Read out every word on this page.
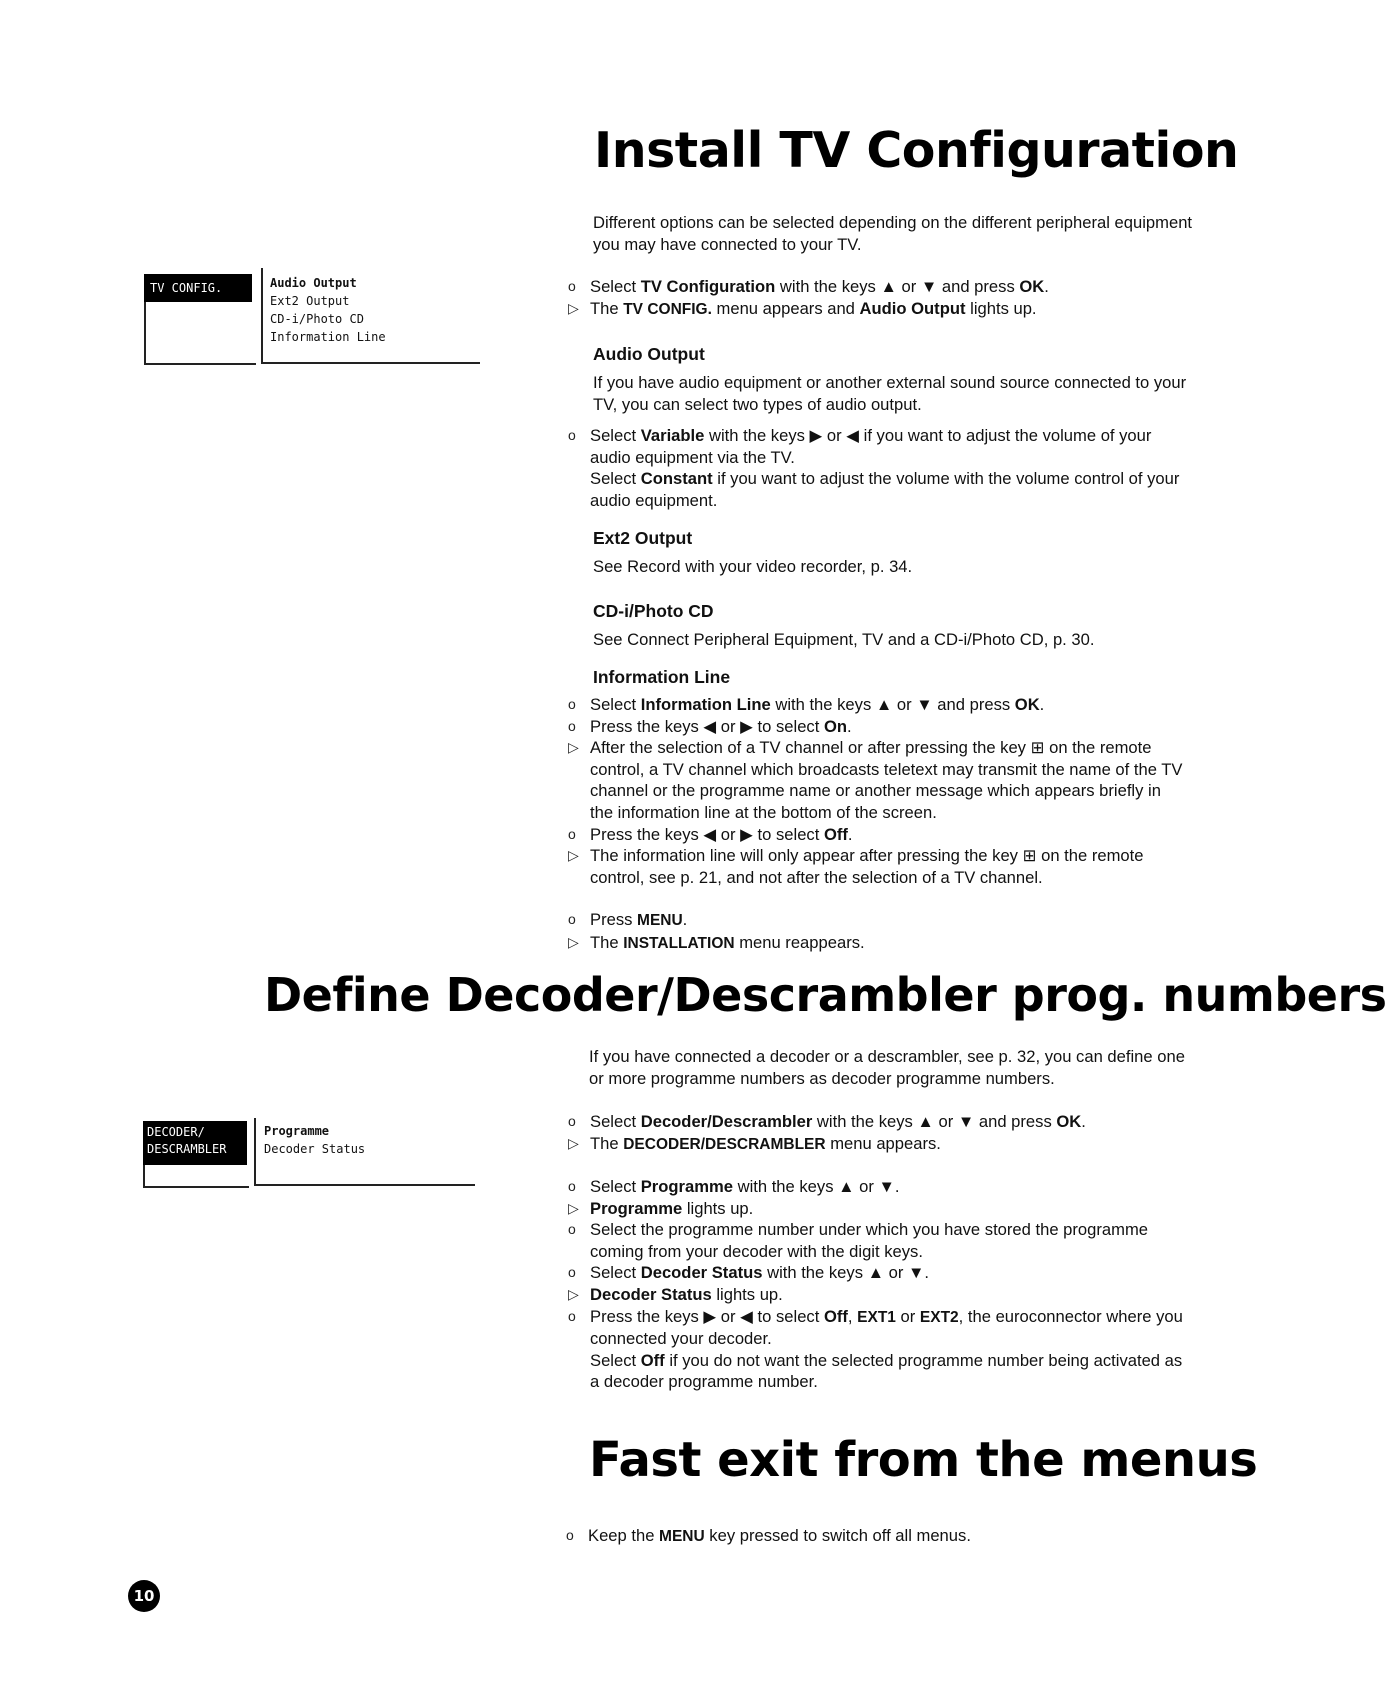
Install TV Configuration
Different options can be selected depending on the different peripheral equipment you may have connected to your TV.
TV CONFIG.	Audio Output
Ext2 Output
CD-i/Photo CD
Information Line
o Select TV Configuration with the keys ▲ or ▼ and press OK.
▷ The TV CONFIG. menu appears and Audio Output lights up.
Audio Output
If you have audio equipment or another external sound source connected to your TV, you can select two types of audio output.
o Select Variable with the keys ▶ or ◀ if you want to adjust the volume of your audio equipment via the TV.
Select Constant if you want to adjust the volume with the volume control of your audio equipment.
Ext2 Output
See Record with your video recorder, p. 34.
CD-i/Photo CD
See Connect Peripheral Equipment, TV and a CD-i/Photo CD, p. 30.
Information Line
o Select Information Line with the keys ▲ or ▼ and press OK.
o Press the keys ◀ or ▶ to select On.
▷ After the selection of a TV channel or after pressing the key ⊞ on the remote control, a TV channel which broadcasts teletext may transmit the name of the TV channel or the programme name or another message which appears briefly in the information line at the bottom of the screen.
o Press the keys ◀ or ▶ to select Off.
▷ The information line will only appear after pressing the key ⊞ on the remote control, see p. 21, and not after the selection of a TV channel.
o Press MENU.
▷ The INSTALLATION menu reappears.
Define Decoder/Descrambler prog. numbers
If you have connected a decoder or a descrambler, see p. 32, you can define one or more programme numbers as decoder programme numbers.
DECODER/
DESCRAMBLER
Programme
Decoder Status
o Select Decoder/Descrambler with the keys ▲ or ▼ and press OK.
▷ The DECODER/DESCRAMBLER menu appears.
o Select Programme with the keys ▲ or ▼.
▷ Programme lights up.
o Select the programme number under which you have stored the programme coming from your decoder with the digit keys.
o Select Decoder Status with the keys ▲ or ▼.
▷ Decoder Status lights up.
o Press the keys ▶ or ◀ to select Off, EXT1 or EXT2, the euroconnector where you connected your decoder.
Select Off if you do not want the selected programme number being activated as a decoder programme number.
Fast exit from the menus
o Keep the MENU key pressed to switch off all menus.
10
